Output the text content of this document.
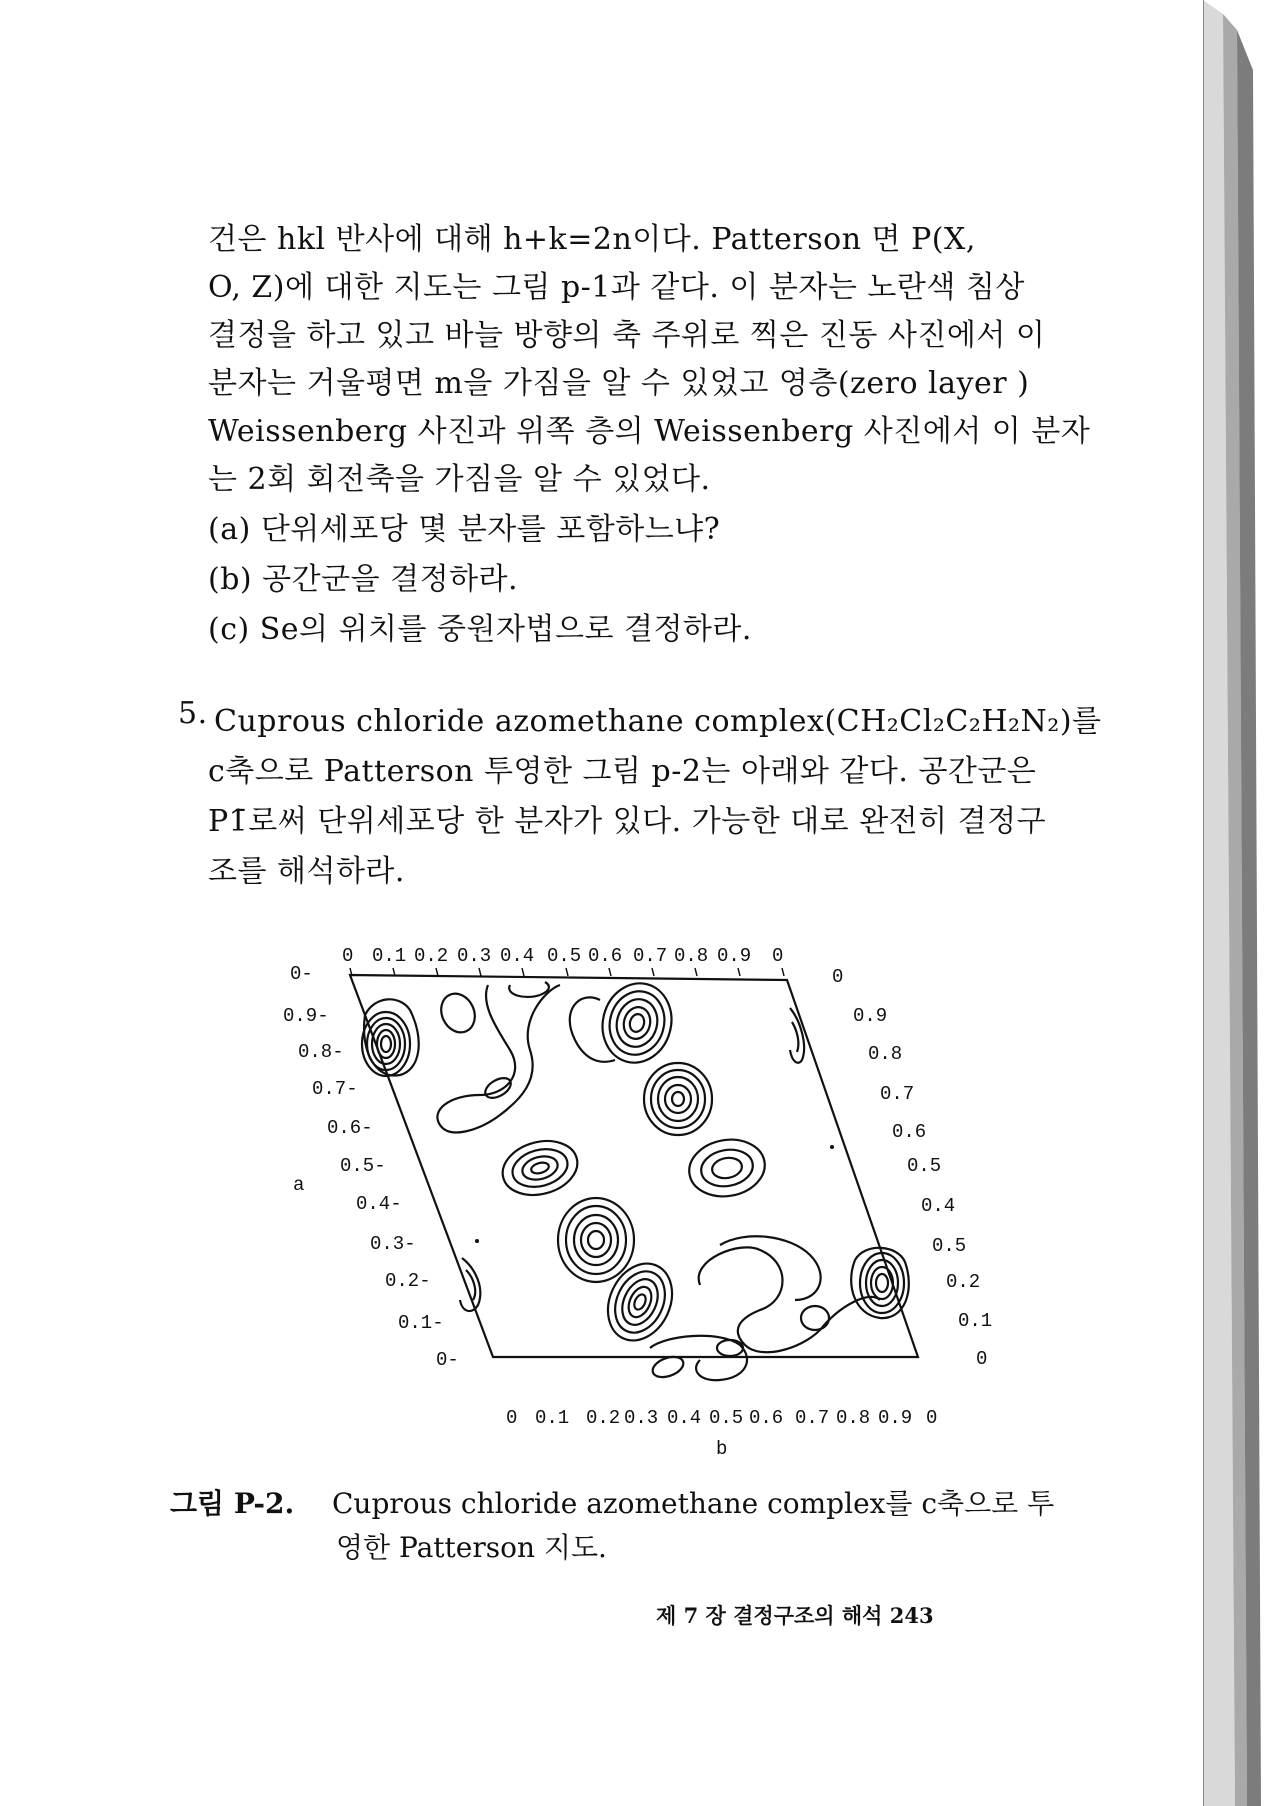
건은 hkl 반사에 대해 h+k=2n이다. Patterson 면 P(X,
O, Z)에 대한 지도는 그림 p-1과 같다. 이 분자는 노란색 침상
결정을 하고 있고 바늘 방향의 축 주위로 찍은 진동 사진에서 이
분자는 거울평면 m을 가짐을 알 수 있었고 영층(zero layer )
Weissenberg 사진과 위쪽 층의 Weissenberg 사진에서 이 분자
는 2회 회전축을 가짐을 알 수 있었다.
(a) 단위세포당 몇 분자를 포함하느냐?
(b) 공간군을 결정하라.
(c) Se의 위치를 중원자법으로 결정하라.
5. Cuprous chloride azomethane complex(CH₂Cl₂C₂H₂N₂)를
c축으로 Patterson 투영한 그림 p-2는 아래와 같다. 공간군은
P1̄로써 단위세포당 한 분자가 있다. 가능한 대로 완전히 결정구
조를 해석하라.
0 0.1 0.2 0.3 0.4 0.5 0.6 0.7 0.8 0.9 0
0-
0.9-
0.8-
0.7-
0.6-
0.5-
0.4-
0.3-
0.2-
0.1-
0-
a
0
0.9
0.8
0.7
0.6
0.5
0.4
0.5
0.2
0.1
0
0 0.1 0.2 0.3 0.4 0.5 0.6 0.7 0.8 0.9 0
b
그림 P-2. Cuprous chloride azomethane complex를 c축으로 투
영한 Patterson 지도.
제 7 장 결정구조의 해석 243
